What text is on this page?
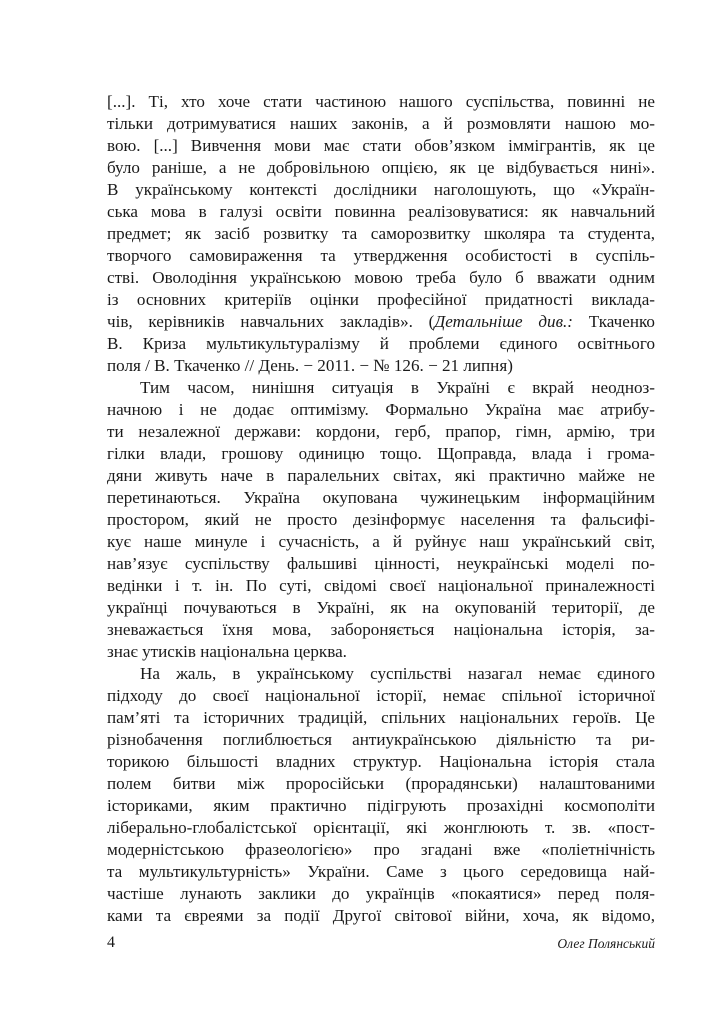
[...]. Ті, хто хоче стати частиною нашого суспільства, повинні не
тільки дотримуватися наших законів, а й розмовляти нашою мо-
вою. [...] Вивчення мови має стати обов’язком іммігрантів, як це
було раніше, а не добровільною опцією, як це відбувається нині».
В українському контексті дослідники наголошують, що «Україн-
ська мова в галузі освіти повинна реалізовуватися: як навчальний
предмет; як засіб розвитку та саморозвитку школяра та студента,
творчого самовираження та утвердження особистості в суспіль-
стві. Оволодіння українською мовою треба було б вважати одним
із основних критеріїв оцінки професійної придатності виклада-
чів, керівників навчальних закладів». (Детальніше див.: Ткаченко
В. Криза мультикультуралізму й проблеми єдиного освітнього
поля / В. Ткаченко // День. − 2011. − № 126. − 21 липня)
Тим часом, нинішня ситуація в Україні є вкрай неоднoз-
начною і не додає оптимізму. Формально Україна має атрибу-
ти незалежної держави: кордони, герб, прапор, гімн, армію, три
гілки влади, грошову одиницю тощо. Щоправда, влада і грома-
дяни живуть наче в паралельних світах, які практично майже не
перетинаються. Україна окупована чужинецьким інформаційним
простором, який не просто дезінформує населення та фальсифі-
кує наше минуле і сучасність, а й руйнує наш український світ,
нав’язує суспільству фальшиві цінності, неукраїнські моделі по-
ведінки і т. ін. По суті, свідомі своєї національної приналежності
українці почуваються в Україні, як на окупованій території, де
зневажається їхня мова, забороняється національна історія, за-
знає утисків національна церква.
На жаль, в українському суспільстві назагал немає єдиного
підходу до своєї національної історії, немає спільної історичної
пам’яті та історичних традицій, спільних національних героїв. Це
різнобачення поглиблюється антиукраїнською діяльністю та ри-
торикою більшості владних структур. Національна історія стала
полем битви між проросійськи (прорадянськи) налаштованими
істориками, яким практично підігрують прозахідні космополіти
ліберально-глобалістської орієнтації, які жонглюють т. зв. «пост-
модерністською фразеологією» про згадані вже «поліетнічність
та мультикультурність» України. Саме з цього середовища най-
частіше лунають заклики до українців «покаятися» перед поля-
ками та євреями за події Другої світової війни, хоча, як відомо,
4	Олег Полянський
